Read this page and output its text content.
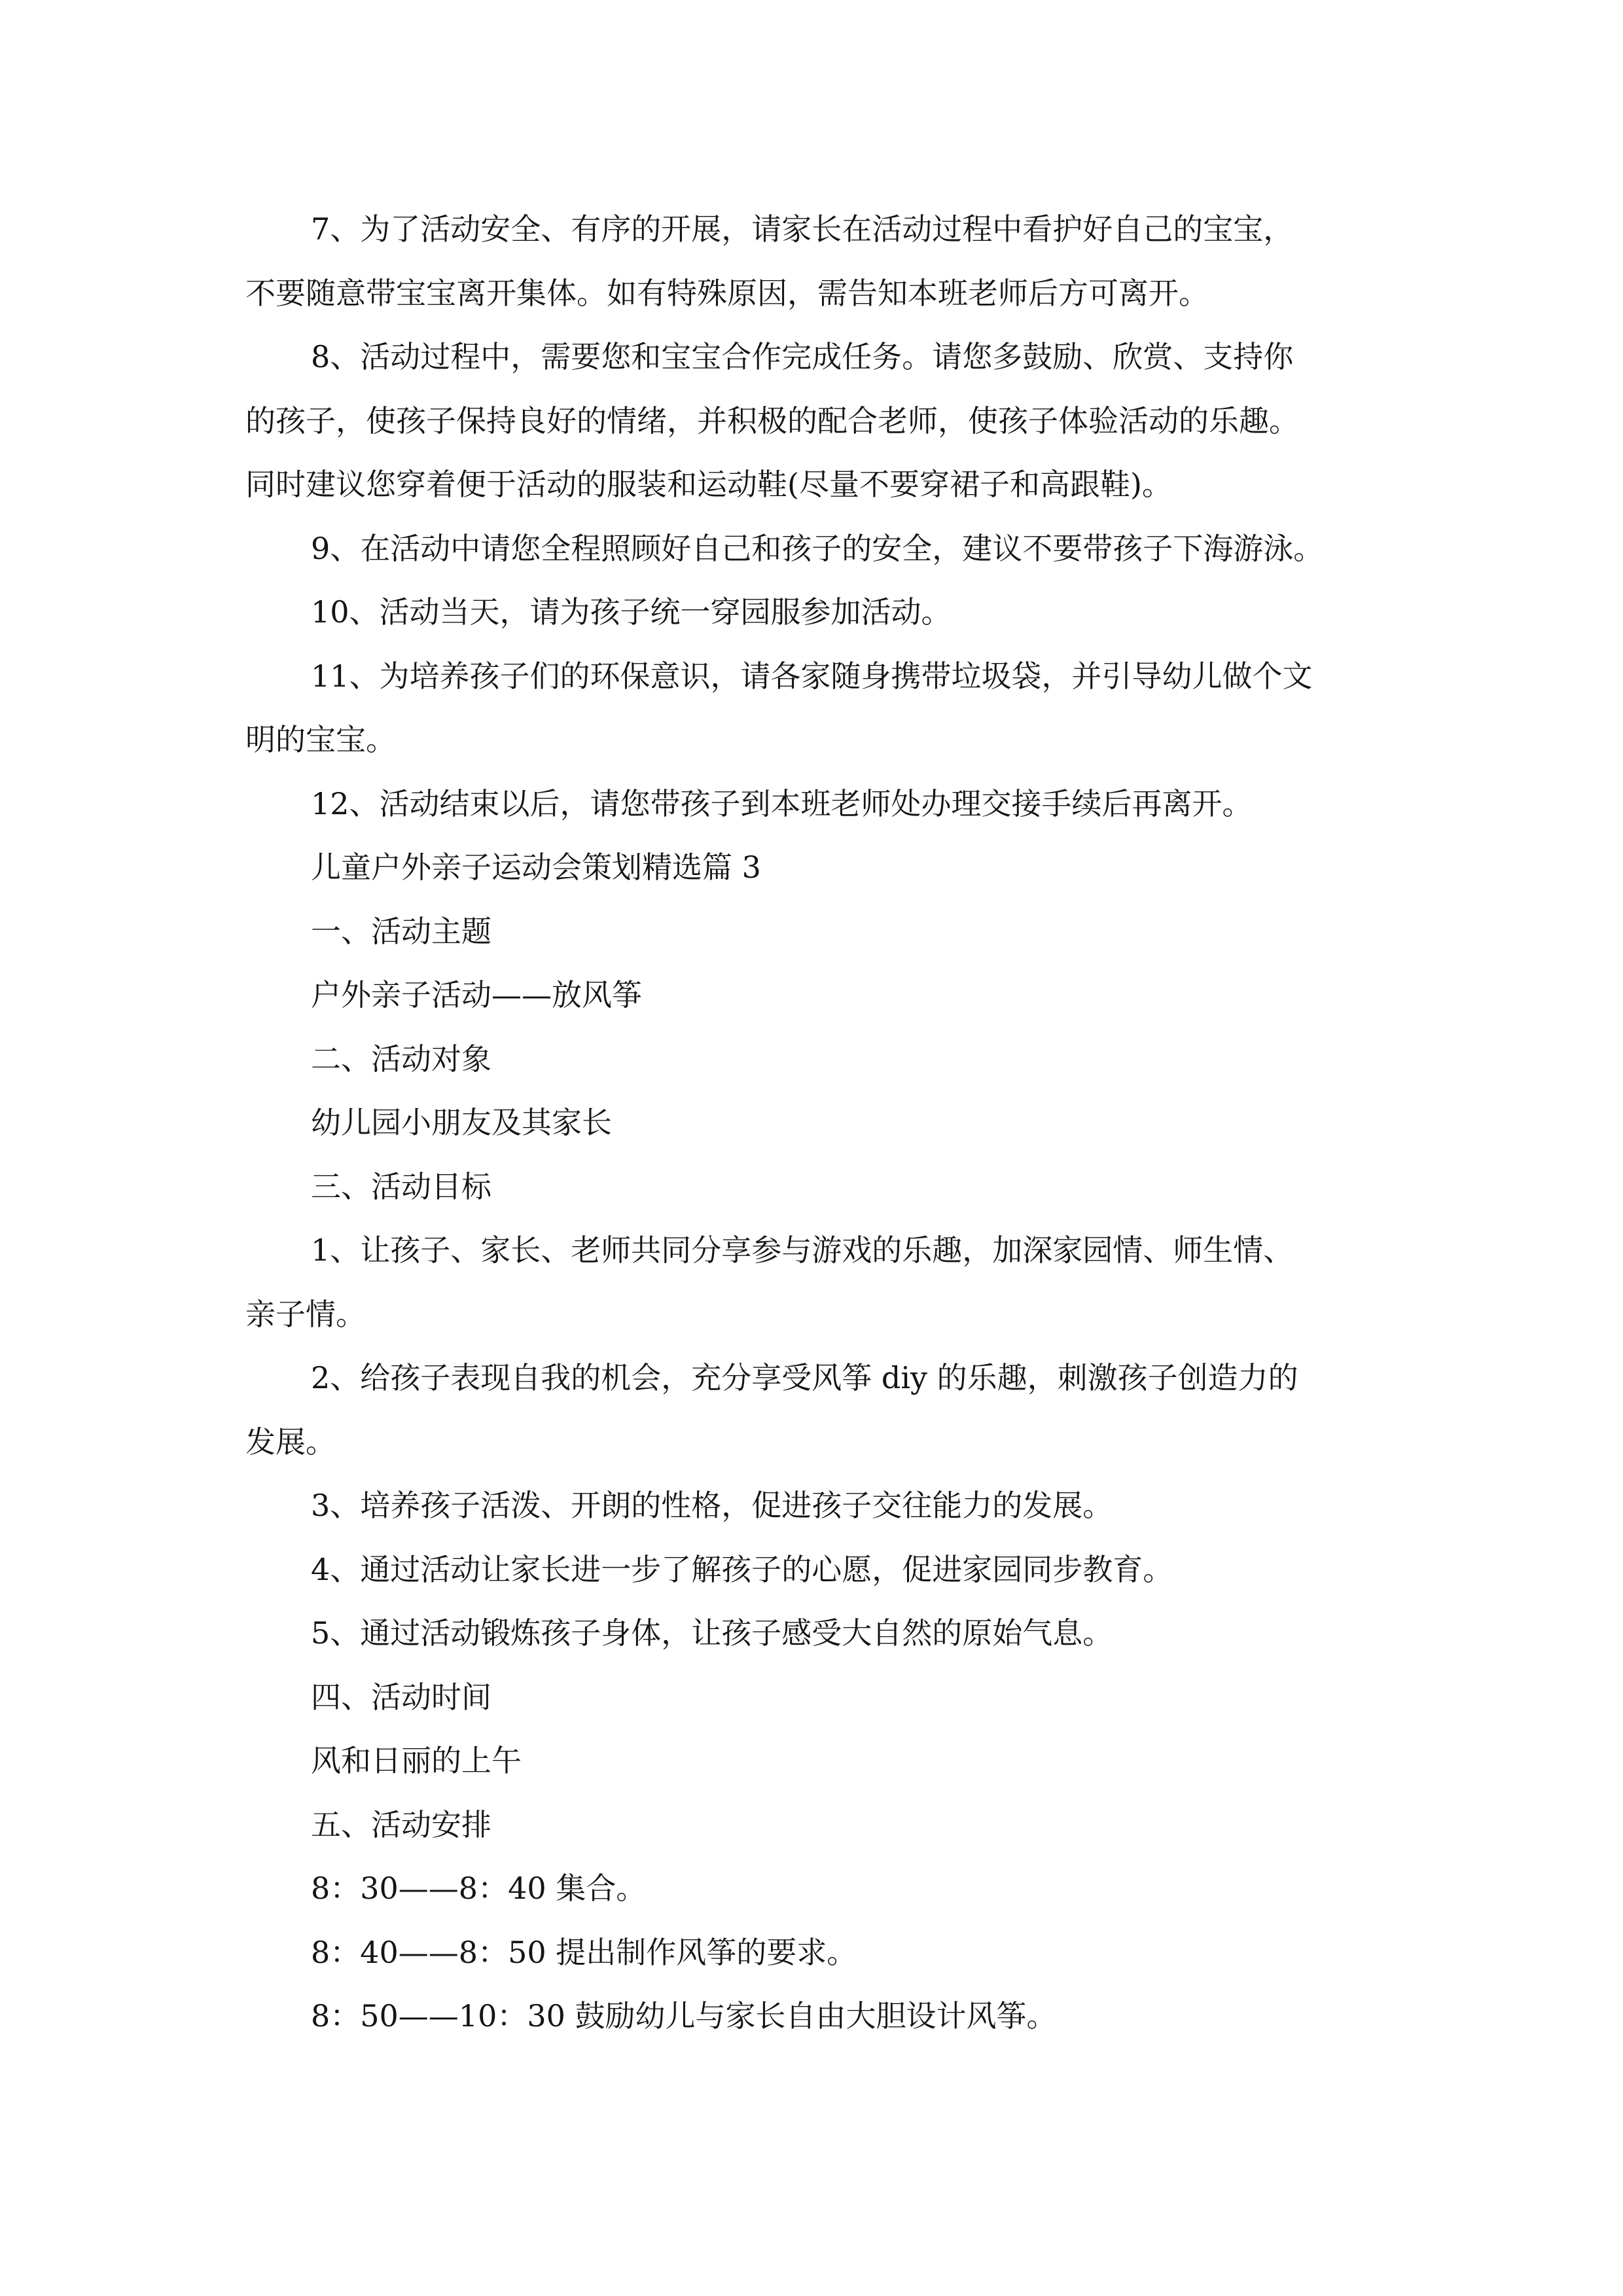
7、为了活动安全、有序的开展，请家长在活动过程中看护好自己的宝宝，
不要随意带宝宝离开集体。如有特殊原因，需告知本班老师后方可离开。
8、活动过程中，需要您和宝宝合作完成任务。请您多鼓励、欣赏、支持你
的孩子，使孩子保持良好的情绪，并积极的配合老师，使孩子体验活动的乐趣。
同时建议您穿着便于活动的服装和运动鞋(尽量不要穿裙子和高跟鞋)。
9、在活动中请您全程照顾好自己和孩子的安全，建议不要带孩子下海游泳。
10、活动当天，请为孩子统一穿园服参加活动。
11、为培养孩子们的环保意识，请各家随身携带垃圾袋，并引导幼儿做个文
明的宝宝。
12、活动结束以后，请您带孩子到本班老师处办理交接手续后再离开。
儿童户外亲子运动会策划精选篇 3
一、活动主题
户外亲子活动——放风筝
二、活动对象
幼儿园小朋友及其家长
三、活动目标
1、让孩子、家长、老师共同分享参与游戏的乐趣，加深家园情、师生情、
亲子情。
2、给孩子表现自我的机会，充分享受风筝 diy 的乐趣，刺激孩子创造力的
发展。
3、培养孩子活泼、开朗的性格，促进孩子交往能力的发展。
4、通过活动让家长进一步了解孩子的心愿，促进家园同步教育。
5、通过活动锻炼孩子身体，让孩子感受大自然的原始气息。
四、活动时间
风和日丽的上午
五、活动安排
8：30——8：40 集合。
8：40——8：50 提出制作风筝的要求。
8：50——10：30 鼓励幼儿与家长自由大胆设计风筝。
